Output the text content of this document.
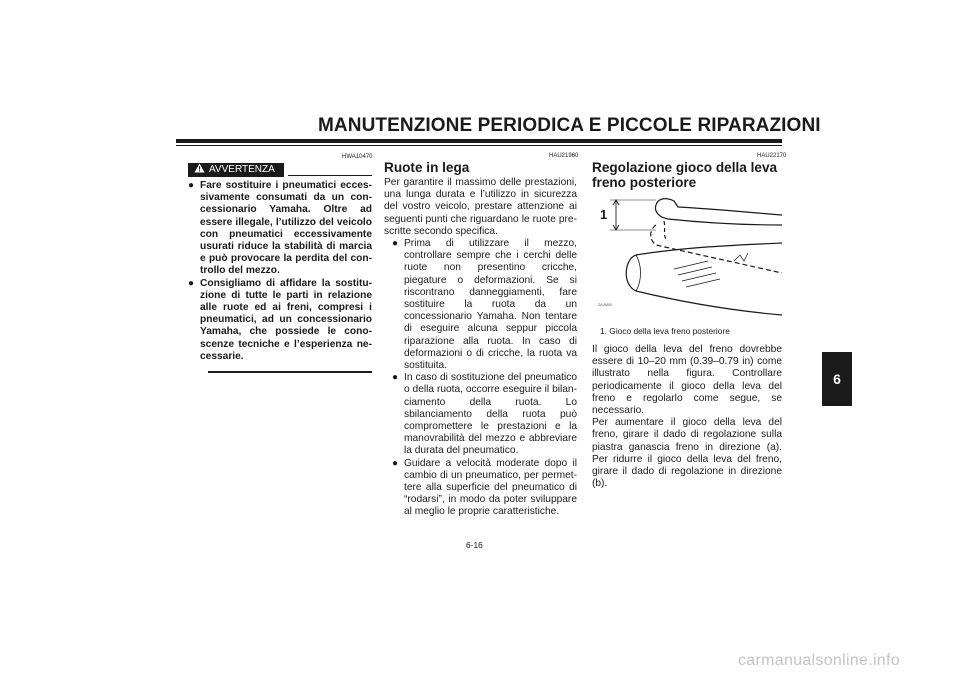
MANUTENZIONE PERIODICA E PICCOLE RIPARAZIONI
6
HWA10470
AVVERTENZA
● Fare sostituire i pneumatici eccessivamente consumati da un concessionario Yamaha. Oltre ad essere illegale, l’utilizzo del veicolo con pneumatici eccessivamente usurati riduce la stabilità di marcia e può provocare la perdita del controllo del mezzo.
● Consigliamo di affidare la sostituzione di tutte le parti in relazione alle ruote ed ai freni, compresi i pneumatici, ad un concessionario Yamaha, che possiede le conoscenze tecniche e l’esperienza necessarie.
HAU21960
Ruote in lega

Per garantire il massimo delle prestazioni, una lunga durata e l’utilizzo in sicurezza del vostro veicolo, prestare attenzione ai seguenti punti che riguardano le ruote prescritte secondo specifica.

● Prima di utilizzare il mezzo, controllare sempre che i cerchi delle ruote non presentino cricche, piegature o deformazioni. Se si riscontrano danneggiamenti, fare sostituire la ruota da un concessionario Yamaha. Non tentare di eseguire alcuna seppur piccola riparazione alla ruota. In caso di deformazioni o di cricche, la ruota va sostituita.
● In caso di sostituzione del pneumatico o della ruota, occorre eseguire il bilanciamento della ruota. Lo sbilanciamento della ruota può compromettere le prestazioni e la manovrabilità del mezzo e abbreviare la durata del pneumatico.
● Guidare a velocità moderate dopo il cambio di un pneumatico, per permettere alla superficie del pneumatico di “rodarsi”, in modo da poter sviluppare al meglio le proprie caratteristiche.
HAU22170
Regolazione gioco della leva freno posteriore
1
ZAUM00
1. Gioco della leva freno posteriore

Il gioco della leva del freno dovrebbe essere di 10–20 mm (0.39–0.79 in) come illustrato nella figura. Controllare periodicamente il gioco della leva del freno e regolarlo come segue, se necessario.

Per aumentare il gioco della leva del freno, girare il dado di regolazione sulla piastra ganascia freno in direzione (a). Per ridurre il gioco della leva del freno, girare il dado di regolazione in direzione (b).

6-16
carmanualsonline.info
